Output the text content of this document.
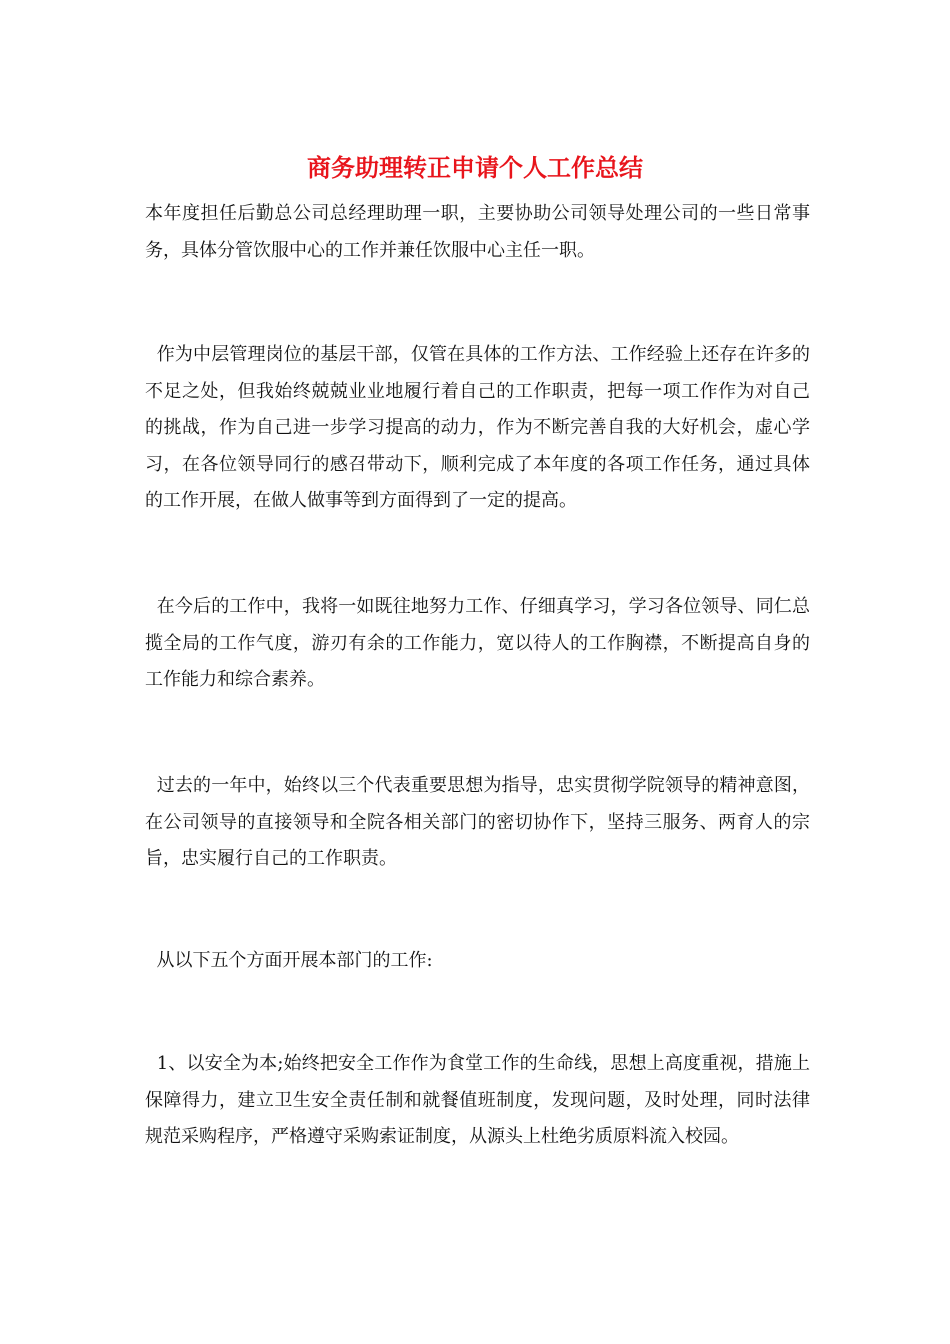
商务助理转正申请个人工作总结

本年度担任后勤总公司总经理助理一职，主要协助公司领导处理公司的一些日常事务，具体分管饮服中心的工作并兼任饮服中心主任一职。

作为中层管理岗位的基层干部，仅管在具体的工作方法、工作经验上还存在许多的不足之处，但我始终兢兢业业地履行着自己的工作职责，把每一项工作作为对自己的挑战，作为自己进一步学习提高的动力，作为不断完善自我的大好机会，虚心学习，在各位领导同行的感召带动下，顺利完成了本年度的各项工作任务，通过具体的工作开展，在做人做事等到方面得到了一定的提高。

在今后的工作中，我将一如既往地努力工作、仔细真学习，学习各位领导、同仁总揽全局的工作气度，游刃有余的工作能力，宽以待人的工作胸襟，不断提高自身的工作能力和综合素养。

过去的一年中，始终以三个代表重要思想为指导，忠实贯彻学院领导的精神意图，在公司领导的直接领导和全院各相关部门的密切协作下，坚持三服务、两育人的宗旨，忠实履行自己的工作职责。

从以下五个方面开展本部门的工作:

1、以安全为本;始终把安全工作作为食堂工作的生命线，思想上高度重视，措施上保障得力，建立卫生安全责任制和就餐值班制度，发现问题，及时处理，同时法律规范采购程序，严格遵守采购索证制度，从源头上杜绝劣质原料流入校园。
